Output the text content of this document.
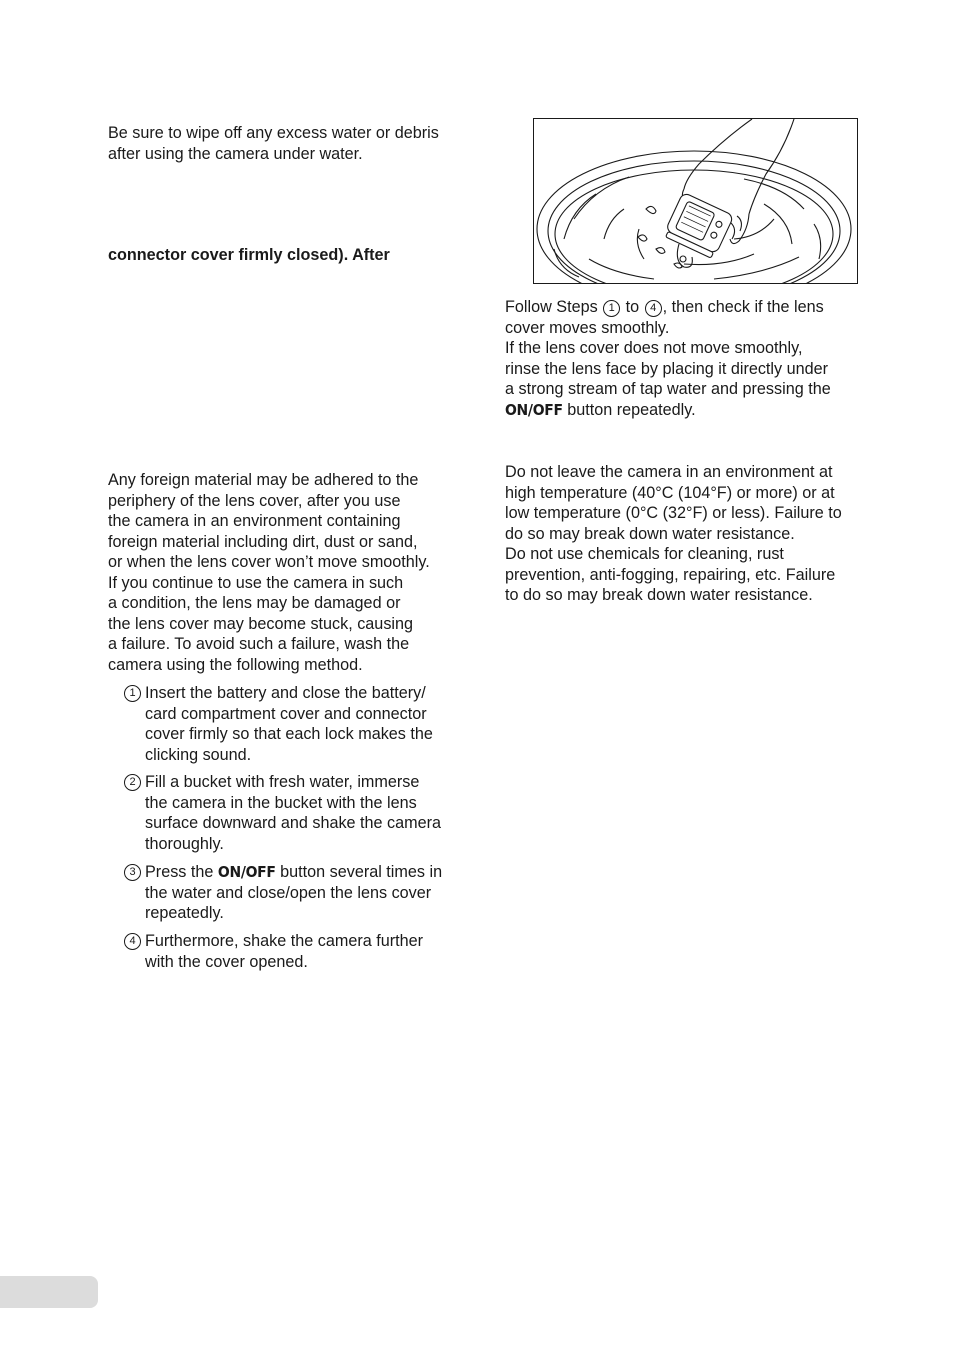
Be sure to wipe off any excess water or debris
after using the camera under water.
connector cover firmly closed). After
Any foreign material may be adhered to the
periphery of the lens cover, after you use
the camera in an environment containing
foreign material including dirt, dust or sand,
or when the lens cover won’t move smoothly.
If you continue to use the camera in such
a condition, the lens may be damaged or
the lens cover may become stuck, causing
a failure. To avoid such a failure, wash the
camera using the following method.
1 Insert the battery and close the battery/
card compartment cover and connector
cover firmly so that each lock makes the
clicking sound.
2 Fill a bucket with fresh water, immerse
the camera in the bucket with the lens
surface downward and shake the camera
thoroughly.
3 Press the ON/OFF button several times in
the water and close/open the lens cover
repeatedly.
4 Furthermore, shake the camera further
with the cover opened.
Follow Steps 1 to 4 , then check if the lens
cover moves smoothly.
If the lens cover does not move smoothly,
rinse the lens face by placing it directly under
a strong stream of tap water and pressing the
ON/OFF button repeatedly.
Do not leave the camera in an environment at
high temperature (40°C (104°F) or more) or at
low temperature (0°C (32°F) or less). Failure to
do so may break down water resistance.
Do not use chemicals for cleaning, rust
prevention, anti-fogging, repairing, etc. Failure
to do so may break down water resistance.
